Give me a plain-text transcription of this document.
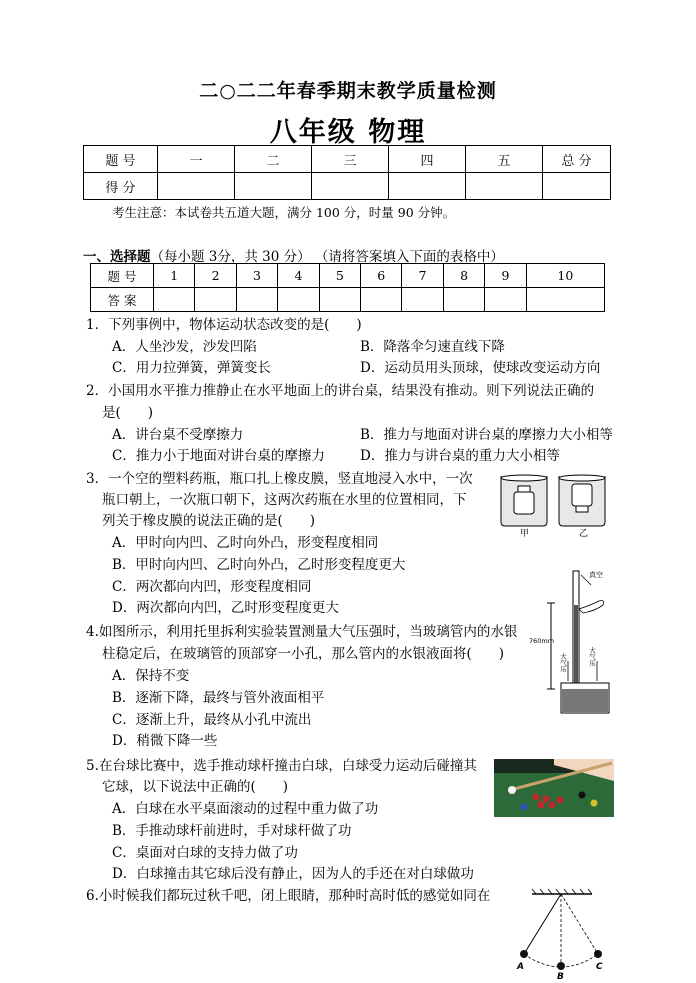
二○二二年春季期末教学质量检测
八年级 物理
题 号	一	二	三	四	五	总 分
得 分						
考生注意：本试卷共五道大题，满分 100 分，时量 90 分钟。
一、选择题（每小题 3分，共 30 分） （请将答案填入下面的表格中）
题 号	1	2	3	4	5	6	7	8	9	10
答 案										
1．下列事例中，物体运动状态改变的是(　　)
A．人坐沙发，沙发凹陷	B．降落伞匀速直线下降
C．用力拉弹簧，弹簧变长	D．运动员用头顶球，使球改变运动方向
2．小国用水平推力推静止在水平地面上的讲台桌，结果没有推动。则下列说法正确的
是(　　)
A．讲台桌不受摩擦力	B．推力与地面对讲台桌的摩擦力大小相等
C．推力小于地面对讲台桌的摩擦力	D．推力与讲台桌的重力大小相等
3．一个空的塑料药瓶，瓶口扎上橡皮膜，竖直地浸入水中，一次
瓶口朝上，一次瓶口朝下，这两次药瓶在水里的位置相同，下
列关于橡皮膜的说法正确的是(　　)
A．甲时向内凹、乙时向外凸，形变程度相同
B．甲时向内凹、乙时向外凸，乙时形变程度更大
C．两次都向内凹，形变程度相同
D．两次都向内凹，乙时形变程度更大
甲	乙
4.如图所示，利用托里拆利实验装置测量大气压强时，当玻璃管内的水银
柱稳定后，在玻璃管的顶部穿一小孔，那么管内的水银液面将(　　)
A．保持不变
B．逐渐下降，最终与管外液面相平
C．逐渐上升，最终从小孔中流出
D．稍微下降一些
真空
760mm
大气压	大气压
5.在台球比赛中，选手推动球杆撞击白球，白球受力运动后碰撞其
它球，以下说法中正确的(　　)
A．白球在水平桌面滚动的过程中重力做了功
B．手推动球杆前进时，手对球杆做了功
C．桌面对白球的支持力做了功
D．白球撞击其它球后没有静止，因为人的手还在对白球做功
6.小时候我们都玩过秋千吧，闭上眼睛，那种时高时低的感觉如同在
A
B
C
